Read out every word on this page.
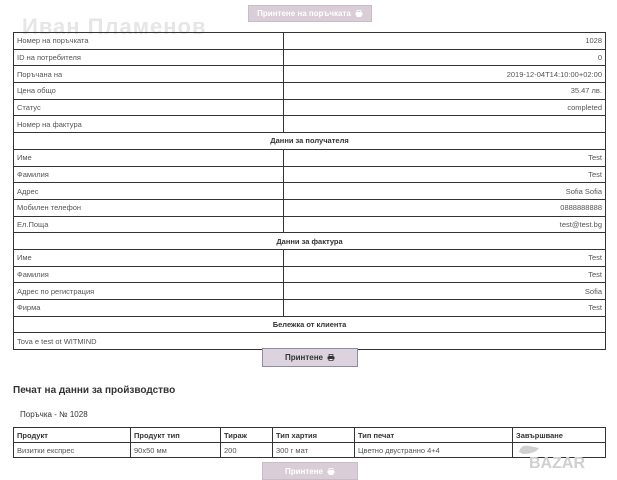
Иван Пламенов
Принтене на поръчката
Номер на поръчката	1028
ID на потребителя	0
Поръчана на	2019-12-04T14:10:00+02:00
Цена общо	35.47 лв.
Статус	completed
Номер на фактура	
Данни за получателя	
Име	Test
Фамилия	Test
Адрес	Sofia Sofia
Мобилен телефон	0888888888
Ел.Поща	test@test.bg
Данни за фактура	
Име	Test
Фамилия	Test
Адрес по регистрация	Sofia
Фирма	Test
Бележка от клиента	
Tova e test ot WITMIND	
Принтене
Печат на данни за пройзводство
Поръчка - № 1028
Продукт	Продукт тип	Тираж	Тип хартия	Тип печат	Завършване
Визитки експрес	90x50 мм	200	300 г мат	Цветно двустранно 4+4	
Принтене	BAZAR
